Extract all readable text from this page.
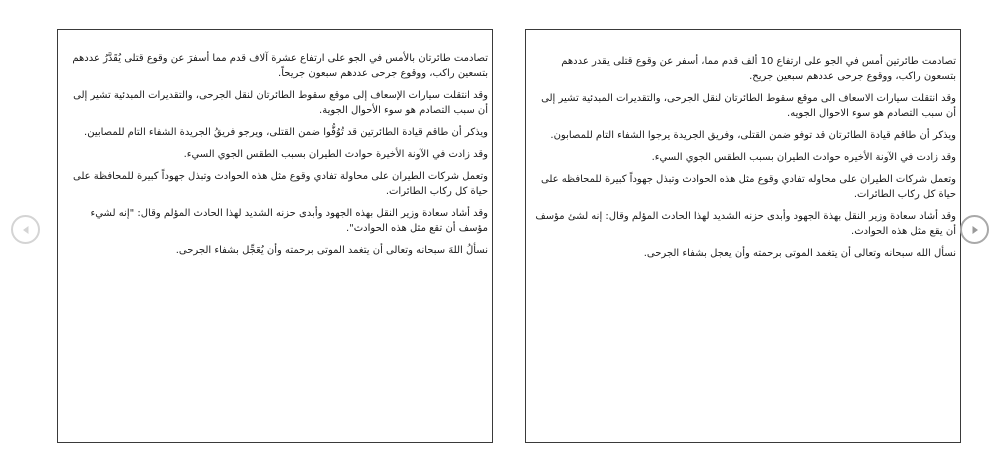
تصادمت طائرتان بالأمس في الجو على ارتفاع عشرة آلاف قدم مما أسفرَ عن وقوع قتلى يُقَدَّرُ عددهم بتسعين راكب، ووقوع جرحى عددهم سبعون جريحاً.

وقد انتقلت سيارات الإسعاف إلى موقع سقوط الطائرتان لنقل الجرحى، والتقديرات المبدئية تشير إلى أن سبب التصادم هو سوء الأحوال الجوية.

ويذكر أن طاقم قيادة الطائرتين قد تُوُفُّوا ضمن القتلى، ويرجو فريقُ الجريدة الشفاء التام للمصابين.

وقد زادت في الآونة الأخيرة حوادث الطيران بسبب الطقس الجوي السيء.

وتعمل شركات الطيران على محاولة تفادي وقوع مثل هذه الحوادث وتبذل جهوداً كبيرة للمحافظة على حياة كل ركاب الطائرات.

وقد أشاد سعادة وزير النقل بهذه الجهود وأبدى حزنه الشديد لهذا الحادث المؤلم وقال: "إنه لشيء مؤسف أن تقع مثل هذه الحوادث".

نسألُ اللهَ سبحانه وتعالى أن يتغمد الموتى برحمته وأن يُعَجِّل بشفاء الجرحى.

تصادمت طائرتين أمس في الجو على ارتفاع 10 ألف قدم مما، أسفر عن وقوع قتلى يقدر عددهم بتسعون راكب، ووقوع جرحى عددهم سبعين جريح.

وقد انتقلت سيارات الاسعاف الى موقع سقوط الطائرتان لنقل الجرحى، والتقديرات المبدئية تشير إلى أن سبب التصادم هو سوء الاحوال الجويه.

ويذكر أن طاقم قيادة الطائرتان قد توفو ضمن القتلى، وفريق الجريدة يرجوا الشفاء التام للمصابون.

وقد زادت في الآونة الأخيره حوادث الطيران بسبب الطقس الجوي السيء.

وتعمل شركات الطيران على محاوله تفادي وقوع مثل هذه الحوادث وتبذل جهوداً كبيرة للمحافظه على حياة كل ركاب الطائرات.

وقد أشاد سعادة وزير النقل بهذة الجهود وأبدى حزنه الشديد لهذا الحادث المؤلم وقال: إنه لشئ مؤسف أن يقع مثل هذه الحوادث.

نسأل الله سبحانه وتعالى أن يتغمد الموتى برحمته وأن يعجل بشفاء الجرحى.
